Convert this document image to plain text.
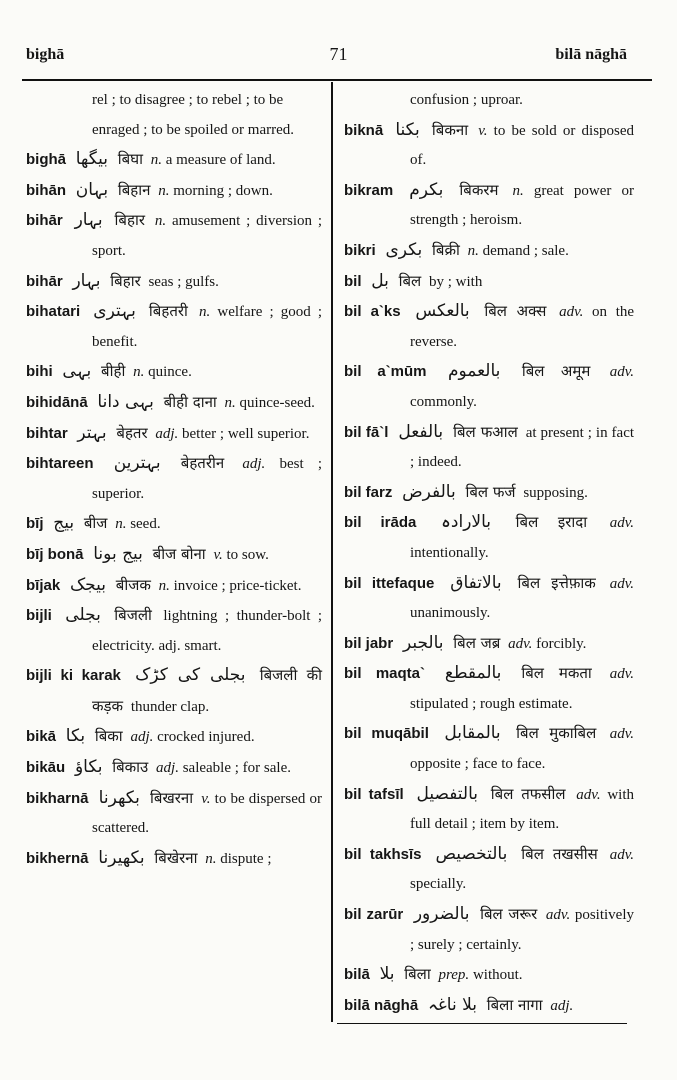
bighā	71	bilā nāghā

rel ; to disagree ; to rebel ; to be enraged ; to be spoiled or marred.

bighā بیگھا बिघा n. a measure of land.

bihān بہان बिहान n. morning ; down.

bihār بہار बिहार n. amusement ; diversion ; sport.

bihār بہار बिहार seas ; gulfs.

bihatari بہتری बिहतरी n. welfare ; good ; benefit.

bihi بہی बीही n. quince.

bihidānā بہی دانا बीही दाना n. quince-seed.

bihtar بہتر बेहतर adj. better ; well superior.

bihtareen بہترین बेहतरीन adj. best ; superior.

bīj بیج बीज n. seed.

bīj bonā بیج بونا बीज बोना v. to sow.

bījak بیجک बीजक n. invoice ; price-ticket.

bijli بجلی बिजली lightning ; thunder-bolt ; electricity. adj. smart.

bijli ki karak بجلی کی کڑک बिजली की कड़क thunder clap.

bikā بکا बिका adj. crocked injured.

bikāu بکاؤ बिकाउ adj. saleable ; for sale.

bikharnā بکھرنا बिखरना v. to be dispersed or scattered.

bikhernā بکھیرنا बिखेरना n. dispute ;

confusion ; uproar.

biknā بکنا बिकना v. to be sold or disposed of.

bikram بکرم बिकरम n. great power or strength ; heroism.

bikri بکری बिक्री n. demand ; sale.

bil بل बिल by ; with

bil a`ks بالعکس बिल अक्स adv. on the reverse.

bil a`mūm بالعموم बिल अमूम adv. commonly.

bil fā`l بالفعل बिल फआल at present ; in fact ; indeed.

bil farz بالفرض बिल फर्ज supposing.

bil irāda بالارادہ बिल इरादा adv. intentionally.

bil ittefaque بالاتفاق बिल इत्तेफ़ाक adv. unanimously.

bil jabr بالجبر बिल जब्र adv. forcibly.

bil maqta` بالمقطع बिल मकता adv. stipulated ; rough estimate.

bil muqābil بالمقابل बिल मुकाबिल adv. opposite ; face to face.

bil tafsīl بالتفصیل बिल तफसील adv. with full detail ; item by item.

bil takhsīs بالتخصیص बिल तखसीस adv. specially.

bil zarūr بالضرور बिल जरूर adv. positively ; surely ; certainly.

bilā بلا बिला prep. without.

bilā nāghā بلا ناغہ बिला नागा adj.
